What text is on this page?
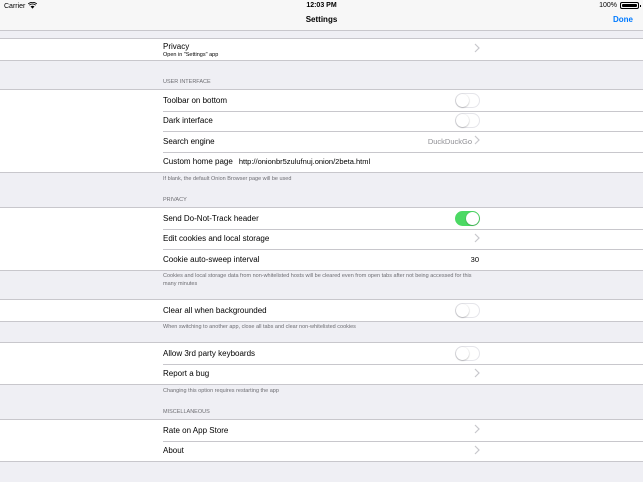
Carrier	12:03 PM	100%
Settings	Done
Privacy
Open in "Settings" app
USER INTERFACE
Toolbar on bottom
Dark interface
Search engine	DuckDuckGo
Custom home page http://onionbr5zulufnuj.onion/2beta.html
If blank, the default Onion Browser page will be used
PRIVACY
Send Do-Not-Track header
Edit cookies and local storage
Cookie auto-sweep interval	30
Cookies and local storage data from non-whitelisted hosts will be cleared even from open tabs after not being accessed for this many minutes
Clear all when backgrounded
When switching to another app, close all tabs and clear non-whitelisted cookies
Allow 3rd party keyboards
Report a bug
Changing this option requires restarting the app
MISCELLANEOUS
Rate on App Store
About
